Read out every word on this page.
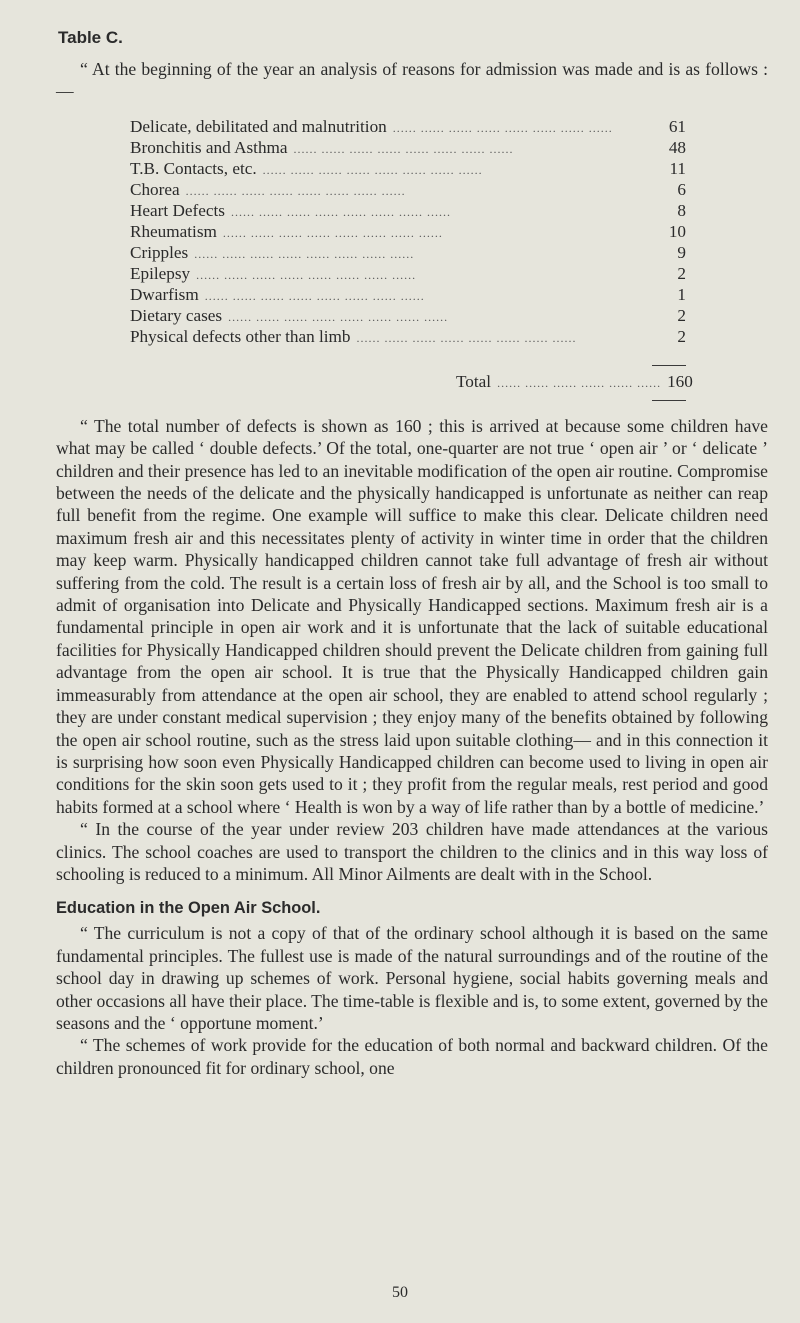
Table C.

“ At the beginning of the year an analysis of reasons for admission was made and is as follows :—

Delicate, debilitated and malnutrition ...... ...... ...... ...... ...... ...... ...... ......	61
Bronchitis and Asthma ...... ...... ...... ...... ...... ...... ...... ......	48
T.B. Contacts, etc. ...... ...... ...... ...... ...... ...... ...... ......	11
Chorea ...... ...... ...... ...... ...... ...... ...... ......	6
Heart Defects ...... ...... ...... ...... ...... ...... ...... ......	8
Rheumatism ...... ...... ...... ...... ...... ...... ...... ......	10
Cripples ...... ...... ...... ...... ...... ...... ...... ......	9
Epilepsy ...... ...... ...... ...... ...... ...... ...... ......	2
Dwarfism ...... ...... ...... ...... ...... ...... ...... ......	1
Dietary cases ...... ...... ...... ...... ...... ...... ...... ......	2
Physical defects other than limb ...... ...... ...... ...... ...... ...... ...... ......	2
Total ...... ...... ...... ...... ...... ...... 160

“ The total number of defects is shown as 160 ; this is arrived at because some children have what may be called ‘ double defects.’ Of the total, one-quarter are not true ‘ open air ’ or ‘ delicate ’ children and their presence has led to an inevitable modification of the open air routine. Compromise between the needs of the delicate and the physically handicapped is unfortunate as neither can reap full benefit from the regime. One example will suffice to make this clear. Delicate children need maximum fresh air and this necessitates plenty of activity in winter time in order that the children may keep warm. Physically handicapped children cannot take full advantage of fresh air without suffering from the cold. The result is a certain loss of fresh air by all, and the School is too small to admit of organisation into Delicate and Physically Handicapped sections. Maximum fresh air is a fundamental principle in open air work and it is unfortunate that the lack of suitable educational facilities for Physically Handicapped children should prevent the Delicate children from gaining full advantage from the open air school. It is true that the Physically Handicapped children gain immeasurably from attendance at the open air school, they are enabled to attend school regularly ; they are under constant medical supervision ; they enjoy many of the benefits obtained by following the open air school routine, such as the stress laid upon suitable clothing— and in this connection it is surprising how soon even Physically Handicapped children can become used to living in open air conditions for the skin soon gets used to it ; they profit from the regular meals, rest period and good habits formed at a school where ‘ Health is won by a way of life rather than by a bottle of medicine.’

“ In the course of the year under review 203 children have made attendances at the various clinics. The school coaches are used to transport the children to the clinics and in this way loss of schooling is reduced to a minimum. All Minor Ailments are dealt with in the School.

Education in the Open Air School.

“ The curriculum is not a copy of that of the ordinary school although it is based on the same fundamental principles. The fullest use is made of the natural surroundings and of the routine of the school day in drawing up schemes of work. Personal hygiene, social habits governing meals and other occasions all have their place. The time-table is flexible and is, to some extent, governed by the seasons and the ‘ opportune moment.’

“ The schemes of work provide for the education of both normal and backward children. Of the children pronounced fit for ordinary school, one

50
